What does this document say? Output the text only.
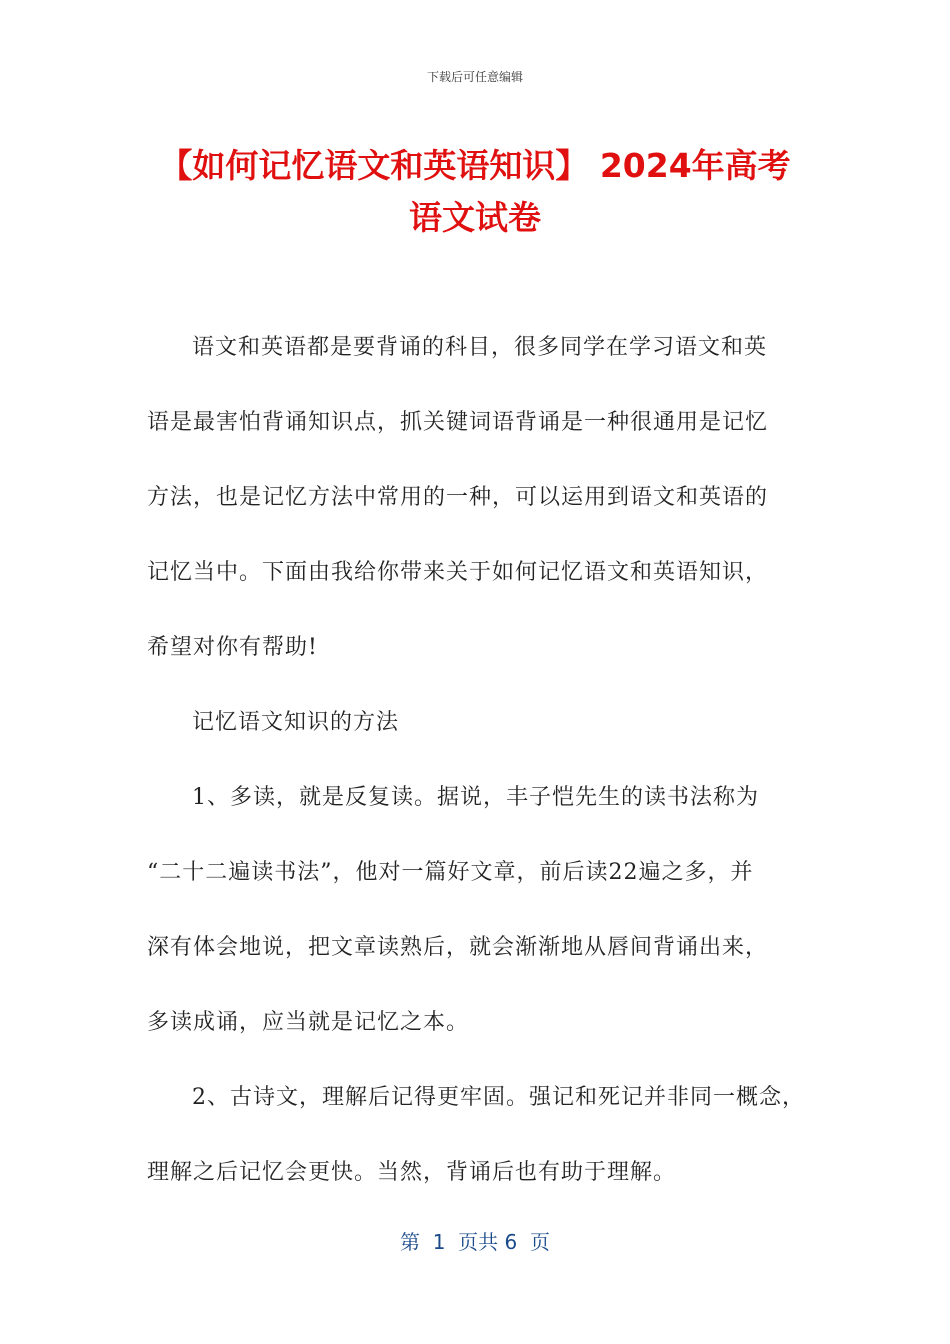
下载后可任意编辑
【如何记忆语文和英语知识】 2024年高考
语文试卷
语文和英语都是要背诵的科目，很多同学在学习语文和英
语是最害怕背诵知识点，抓关键词语背诵是一种很通用是记忆
方法，也是记忆方法中常用的一种，可以运用到语文和英语的
记忆当中。下面由我给你带来关于如何记忆语文和英语知识，
希望对你有帮助!
记忆语文知识的方法
1、多读，就是反复读。据说，丰子恺先生的读书法称为
“二十二遍读书法”，他对一篇好文章，前后读22遍之多，并
深有体会地说，把文章读熟后，就会渐渐地从唇间背诵出来，
多读成诵，应当就是记忆之本。
2、古诗文，理解后记得更牢固。强记和死记并非同一概念，
理解之后记忆会更快。当然，背诵后也有助于理解。
第  1  页共 6  页
